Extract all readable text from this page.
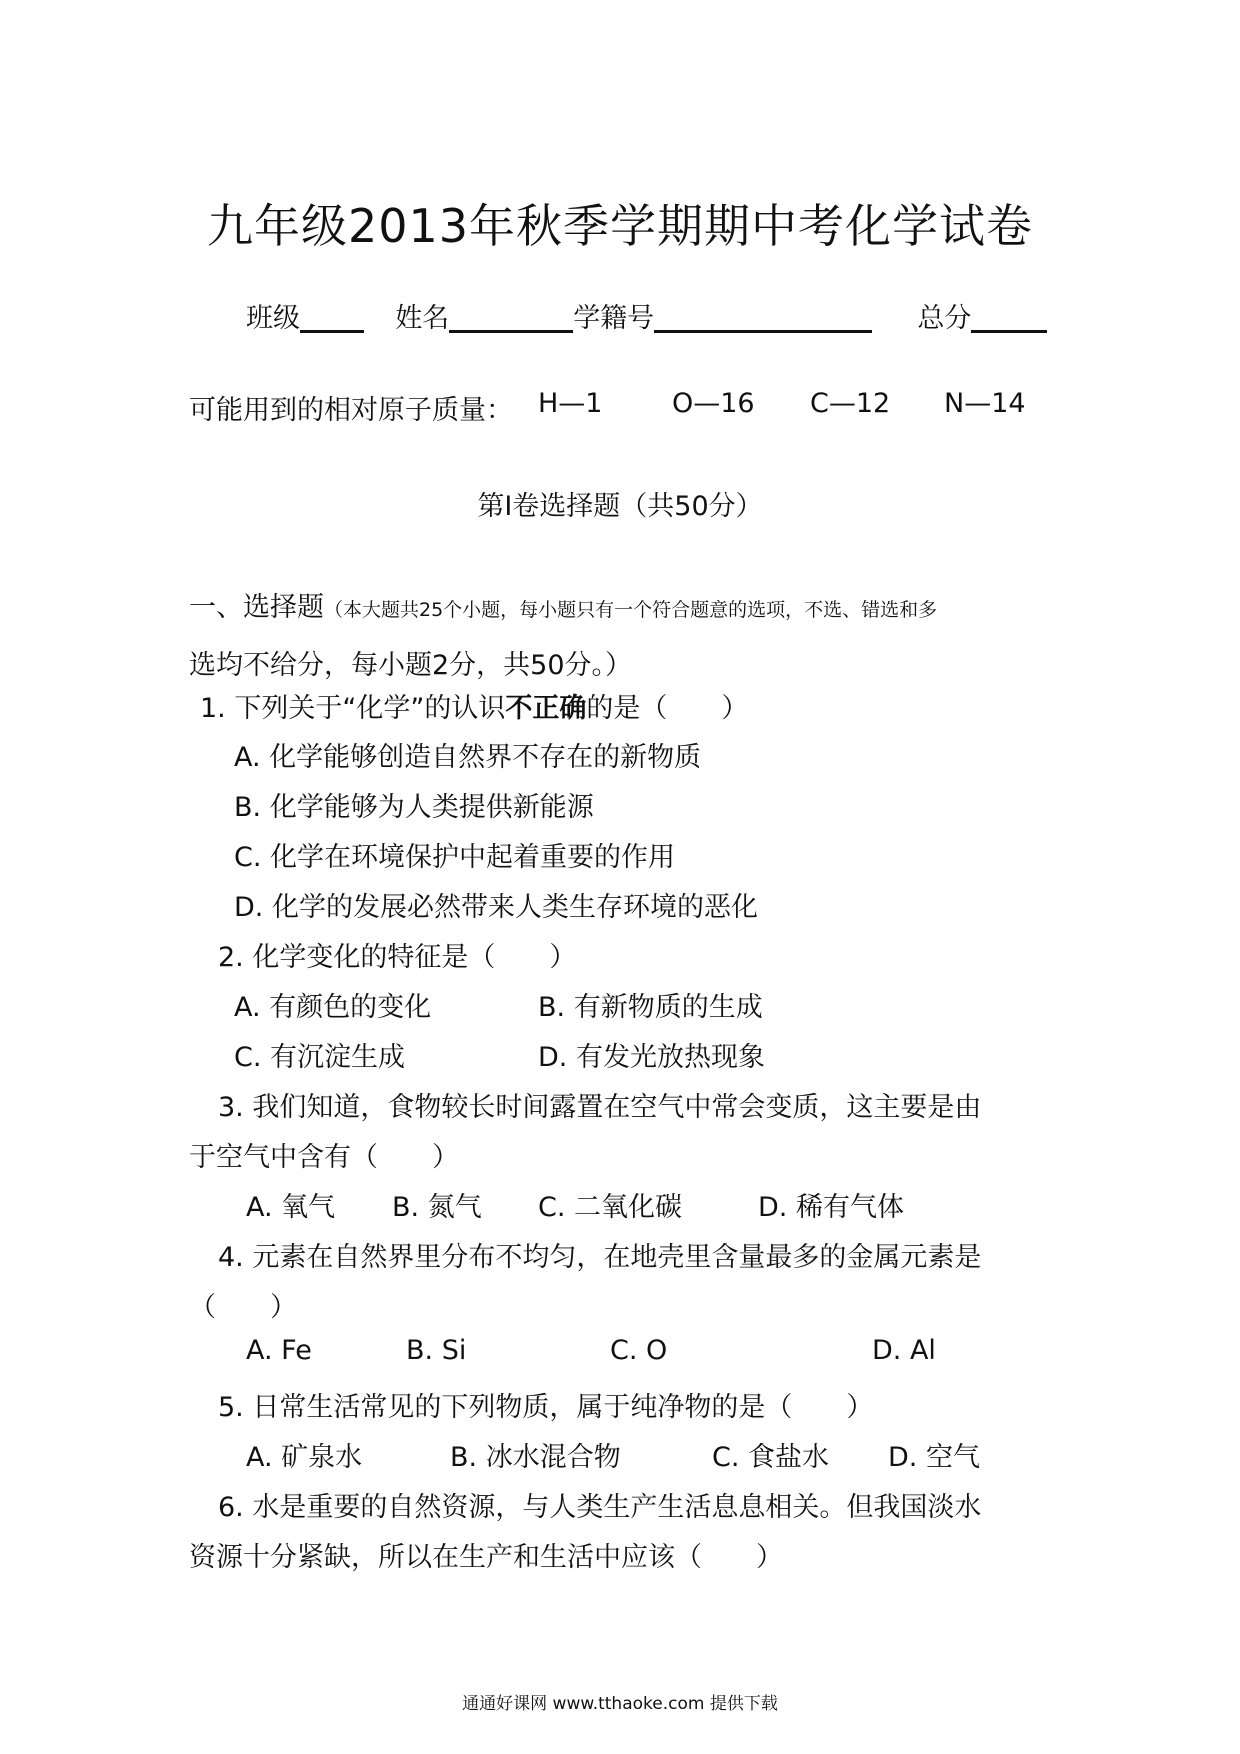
九年级2013年秋季学期期中考化学试卷
班级	姓名	学籍号	总分
可能用到的相对原子质量： H—1	O—16 C—12 N—14
第Ⅰ卷选择题（共50分）
一、选择题（本大题共25个小题，每小题只有一个符合题意的选项，不选、错选和多
选均不给分，每小题2分，共50分。）
1. 下列关于“化学”的认识不正确的是（　　）
A. 化学能够创造自然界不存在的新物质
B. 化学能够为人类提供新能源
C. 化学在环境保护中起着重要的作用
D. 化学的发展必然带来人类生存环境的恶化
2. 化学变化的特征是（　　）
A. 有颜色的变化	B. 有新物质的生成
C. 有沉淀生成	D. 有发光放热现象
3. 我们知道，食物较长时间露置在空气中常会变质，这主要是由
于空气中含有（　　）
A. 氧气 B. 氮气 C. 二氧化碳	D. 稀有气体
4. 元素在自然界里分布不均匀，在地壳里含量最多的金属元素是
（　　）
A. Fe	B. Si	C. O	D. Al
5. 日常生活常见的下列物质，属于纯净物的是（　　）
A. 矿泉水	B. 冰水混合物	C. 食盐水 D. 空气
6. 水是重要的自然资源，与人类生产生活息息相关。但我国淡水
资源十分紧缺，所以在生产和生活中应该（　　）
通通好课网 www.tthaoke.com 提供下载
